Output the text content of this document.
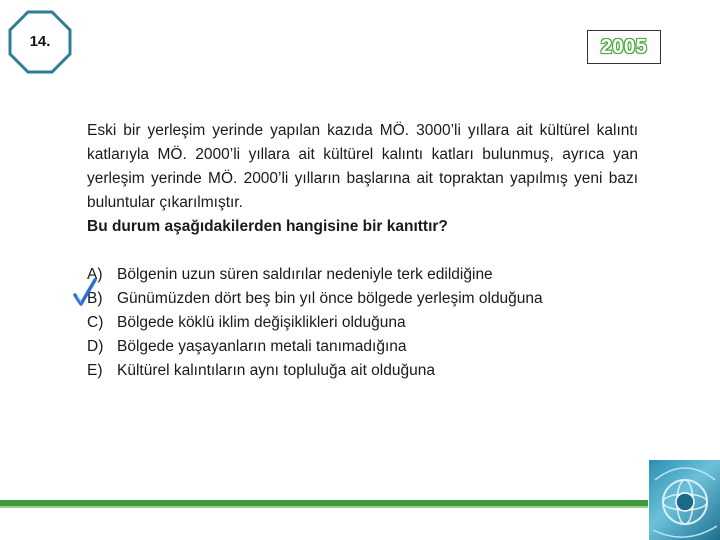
14.	2005

Eski bir yerleşim yerinde yapılan kazıda MÖ. 3000’li yıllara ait kültürel kalıntı katlarıyla MÖ. 2000’li yıllara ait kültürel kalıntı katları bulunmuş, ayrıca yan yerleşim yerinde MÖ. 2000’li yılların başlarına ait topraktan yapılmış yeni bazı buluntular çıkarılmıştır.

Bu durum aşağıdakilerden hangisine bir kanıttır?

A) Bölgenin uzun süren saldırılar nedeniyle terk edildiğine
B) Günümüzden dört beş bin yıl önce bölgede yerleşim olduğuna
C) Bölgede köklü iklim değişiklikleri olduğuna
D) Bölgede yaşayanların metali tanımadığına
E) Kültürel kalıntıların aynı topluluğa ait olduğuna
